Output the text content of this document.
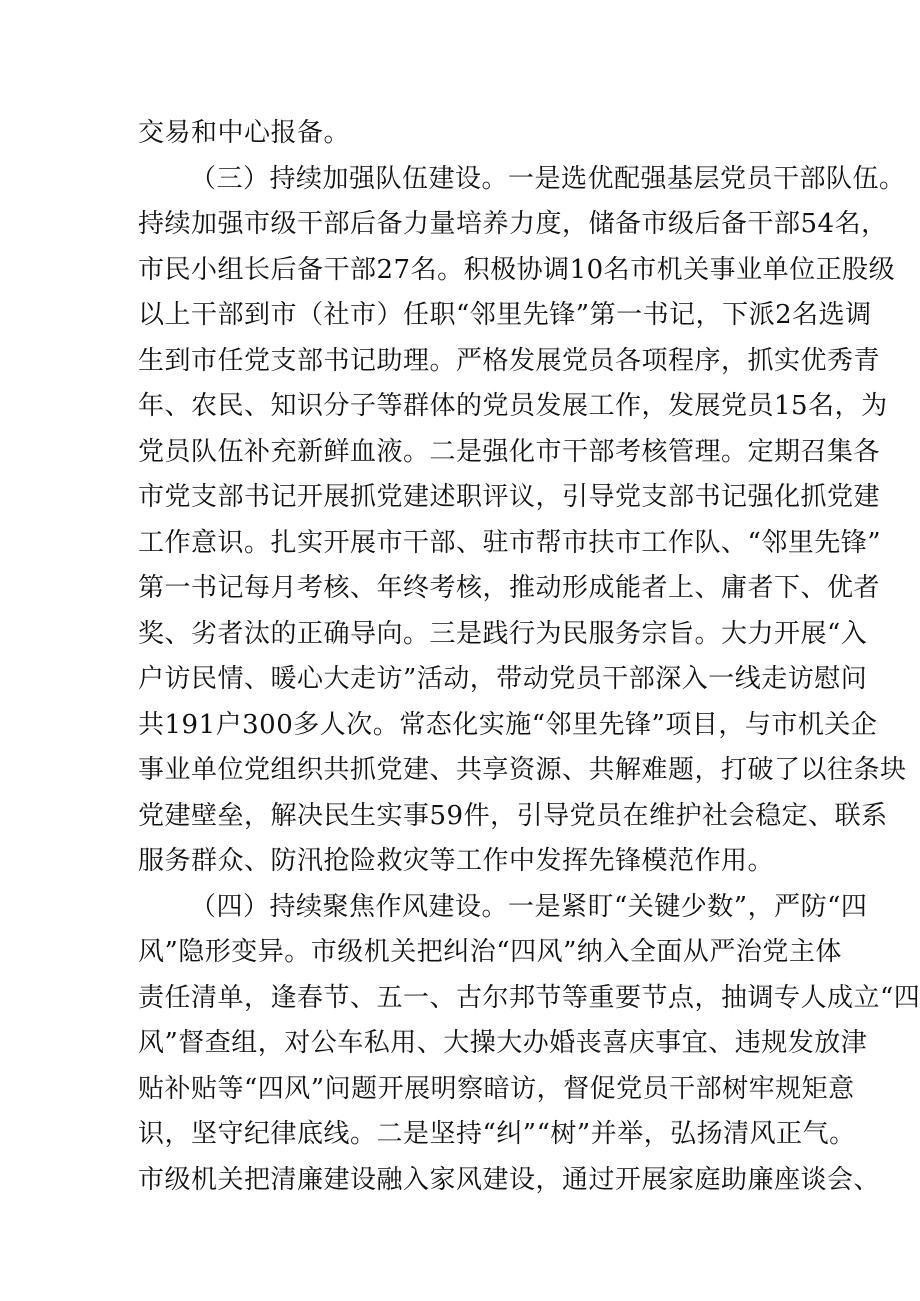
交易和中心报备。
（三）持续加强队伍建设。一是选优配强基层党员干部队伍。
持续加强市级干部后备力量培养力度，储备市级后备干部54名，
市民小组长后备干部27名。积极协调10名市机关事业单位正股级
以上干部到市（社市）任职“邻里先锋”第一书记，下派2名选调
生到市任党支部书记助理。严格发展党员各项程序，抓实优秀青
年、农民、知识分子等群体的党员发展工作，发展党员15名，为
党员队伍补充新鲜血液。二是强化市干部考核管理。定期召集各
市党支部书记开展抓党建述职评议，引导党支部书记强化抓党建
工作意识。扎实开展市干部、驻市帮市扶市工作队、“邻里先锋”
第一书记每月考核、年终考核，推动形成能者上、庸者下、优者
奖、劣者汰的正确导向。三是践行为民服务宗旨。大力开展“入
户访民情、暖心大走访”活动，带动党员干部深入一线走访慰问
共191户300多人次。常态化实施“邻里先锋”项目，与市机关企
事业单位党组织共抓党建、共享资源、共解难题，打破了以往条块
党建壁垒，解决民生实事59件，引导党员在维护社会稳定、联系
服务群众、防汛抢险救灾等工作中发挥先锋模范作用。
（四）持续聚焦作风建设。一是紧盯“关键少数”，严防“四
风”隐形变异。市级机关把纠治“四风”纳入全面从严治党主体
责任清单，逢春节、五一、古尔邦节等重要节点，抽调专人成立“四
风”督查组，对公车私用、大操大办婚丧喜庆事宜、违规发放津
贴补贴等“四风”问题开展明察暗访，督促党员干部树牢规矩意
识，坚守纪律底线。二是坚持“纠”“树”并举，弘扬清风正气。
市级机关把清廉建设融入家风建设，通过开展家庭助廉座谈会、
